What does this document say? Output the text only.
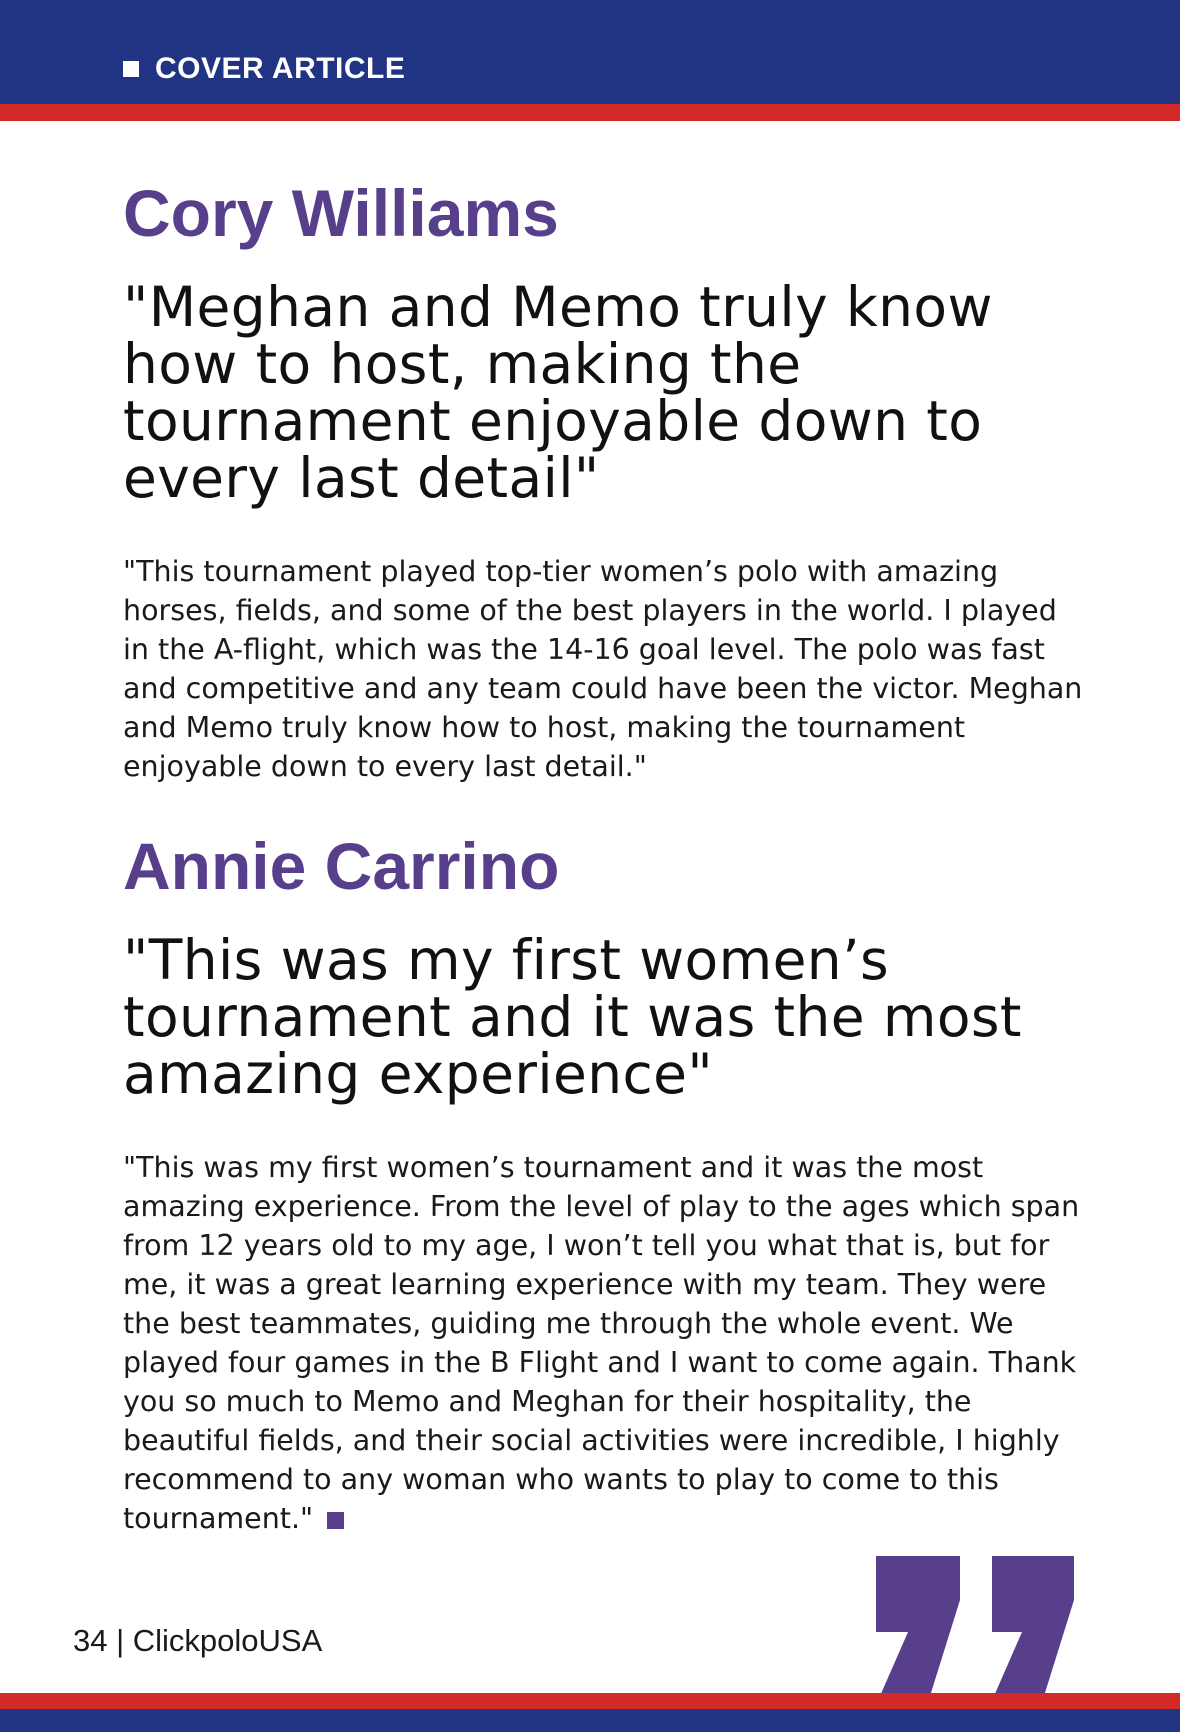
COVER ARTICLE
Cory Williams

"Meghan and Memo truly know how to host, making the tournament enjoyable down to every last detail"

"This tournament played top-tier women’s polo with amazing horses, fields, and some of the best players in the world. I played in the A-flight, which was the 14-16 goal level. The polo was fast and competitive and any team could have been the victor. Meghan and Memo truly know how to host, making the tournament enjoyable down to every last detail."

Annie Carrino

"This was my first women’s tournament and it was the most amazing experience"

"This was my first women’s tournament and it was the most amazing experience. From the level of play to the ages which span from 12 years old to my age, I won’t tell you what that is, but for me, it was a great learning experience with my team. They were the best teammates, guiding me through the whole event. We played four games in the B Flight and I want to come again. Thank you so much to Memo and Meghan for their hospitality, the beautiful fields, and their social activities were incredible, I highly recommend to any woman who wants to play to come to this tournament."

34 | ClickpoloUSA
